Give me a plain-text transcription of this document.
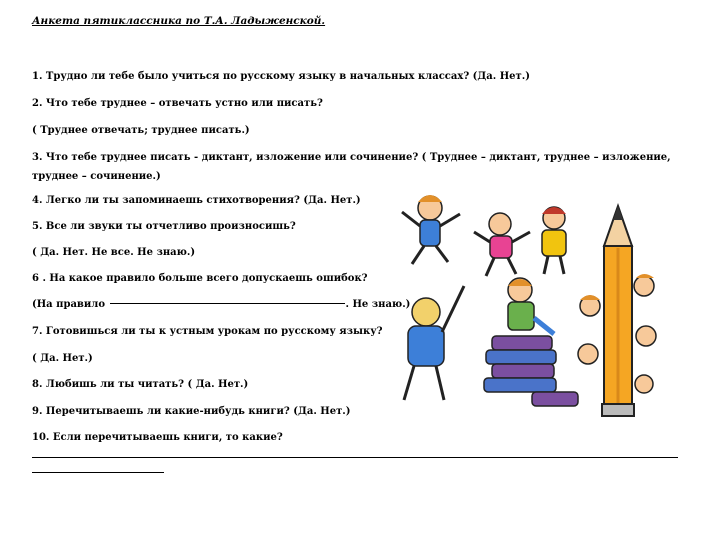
Анкета пятиклассника по Т.А. Ладыженской.
1. Трудно ли тебе было учиться по русскому языку в начальных классах? (Да. Нет.)
2. Что тебе труднее – отвечать устно или писать?
( Труднее отвечать; труднее писать.)
3. Что тебе труднее писать - диктант, изложение или сочинение? ( Труднее – диктант, труднее – изложение, труднее – сочинение.)
4. Легко ли ты запоминаешь стихотворения? (Да. Нет.)
5. Все ли звуки ты отчетливо произносишь?
( Да. Нет. Не все. Не знаю.)
6 . На какое правило больше всего допускаешь ошибок?
(На правило	. Не знаю.)
7. Готовишься ли ты к устным урокам по русскому языку?
( Да. Нет.)
8. Любишь ли ты читать? ( Да. Нет.)
9. Перечитываешь ли какие-нибудь книги? (Да. Нет.)
10. Если перечитываешь книги, то какие?
